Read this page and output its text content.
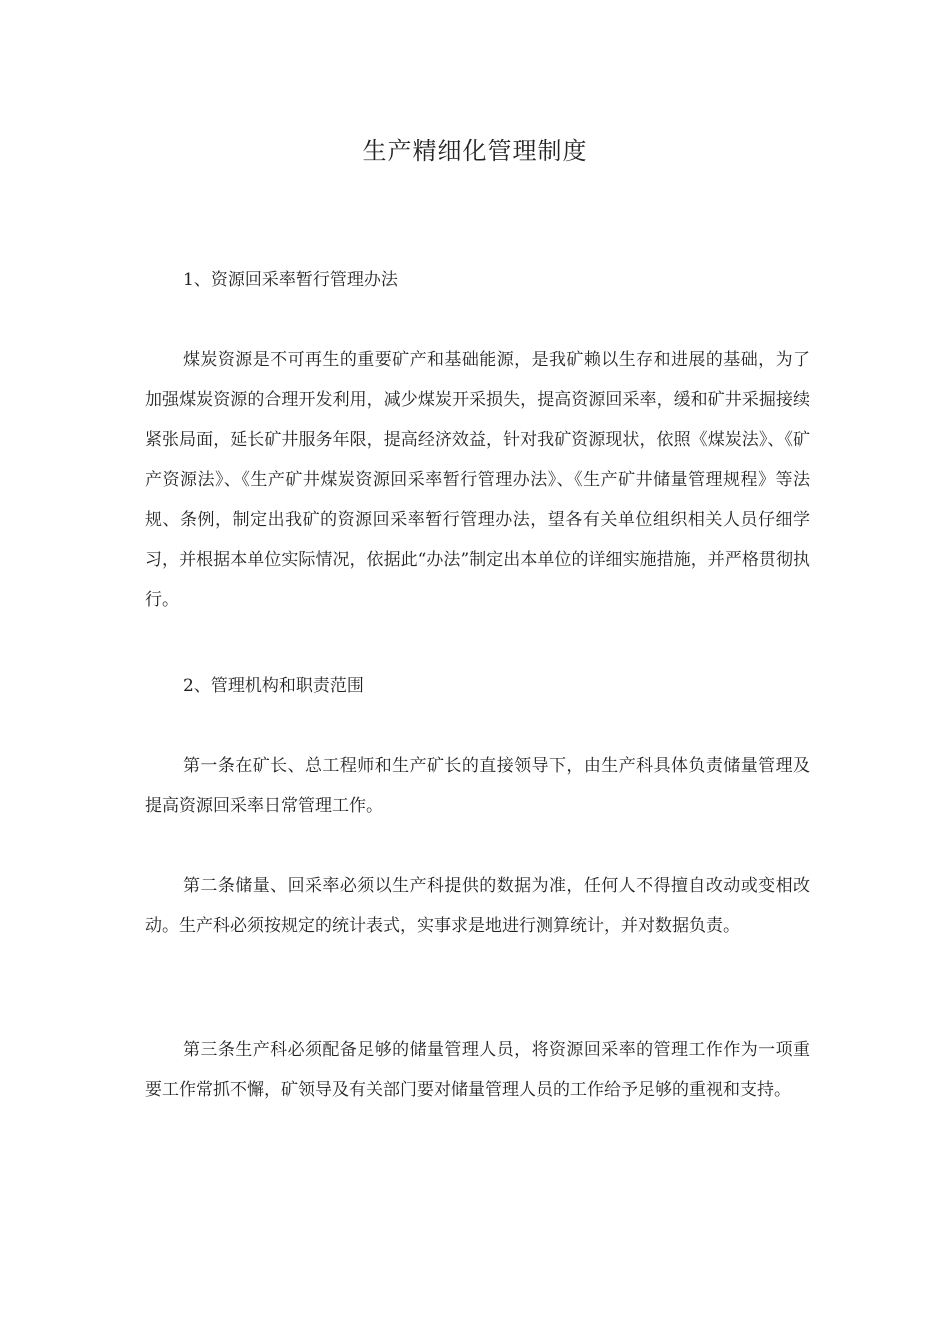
生产精细化管理制度

1、资源回采率暂行管理办法

煤炭资源是不可再生的重要矿产和基础能源，是我矿赖以生存和进展的基础，为了加强煤炭资源的合理开发利用，减少煤炭开采损失，提高资源回采率，缓和矿井采掘接续紧张局面，延长矿井服务年限，提高经济效益，针对我矿资源现状，依照《煤炭法》、《矿产资源法》、《生产矿井煤炭资源回采率暂行管理办法》、《生产矿井储量管理规程》等法规、条例，制定出我矿的资源回采率暂行管理办法，望各有关单位组织相关人员仔细学习，并根据本单位实际情况，依据此“办法”制定出本单位的详细实施措施，并严格贯彻执行。

2、管理机构和职责范围

第一条在矿长、总工程师和生产矿长的直接领导下，由生产科具体负责储量管理及提高资源回采率日常管理工作。

第二条储量、回采率必须以生产科提供的数据为准，任何人不得擅自改动或变相改动。生产科必须按规定的统计表式，实事求是地进行测算统计，并对数据负责。

第三条生产科必须配备足够的储量管理人员，将资源回采率的管理工作作为一项重要工作常抓不懈，矿领导及有关部门要对储量管理人员的工作给予足够的重视和支持。
